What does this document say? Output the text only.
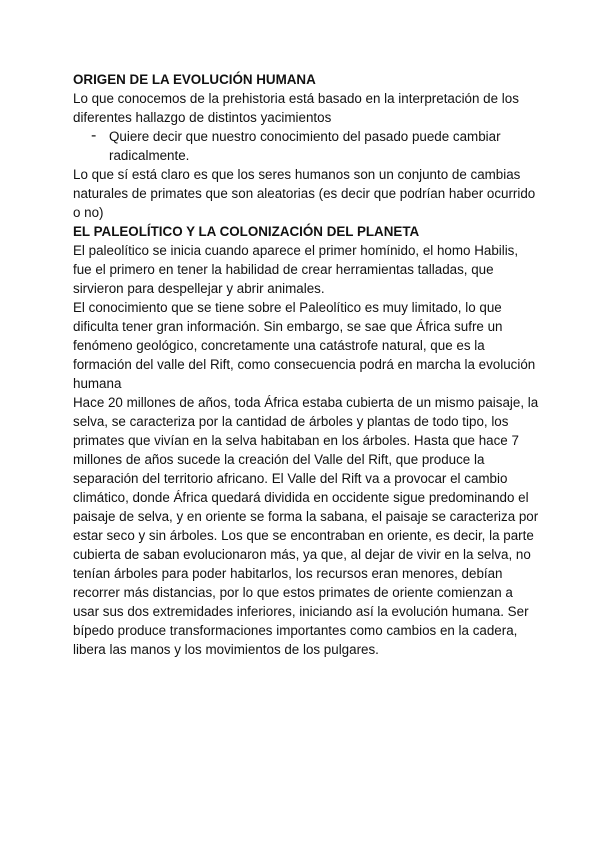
ORIGEN DE LA EVOLUCIÓN HUMANA

Lo que conocemos de la prehistoria está basado en la interpretación de los diferentes hallazgo de distintos yacimientos

- Quiere decir que nuestro conocimiento del pasado puede cambiar radicalmente.

Lo que sí está claro es que los seres humanos son un conjunto de cambias naturales de primates que son aleatorias (es decir que podrían haber ocurrido o no)

EL PALEOLÍTICO Y LA COLONIZACIÓN DEL PLANETA

El paleolítico se inicia cuando aparece el primer homínido, el homo Habilis, fue el primero en tener la habilidad de crear herramientas talladas, que sirvieron para despellejar y abrir animales.

El conocimiento que se tiene sobre el Paleolítico es muy limitado, lo que dificulta tener gran información. Sin embargo, se sae que África sufre un fenómeno geológico, concretamente una catástrofe natural, que es la formación del valle del Rift, como consecuencia podrá en marcha la evolución humana

Hace 20 millones de años, toda África estaba cubierta de un mismo paisaje, la selva, se caracteriza por la cantidad de árboles y plantas de todo tipo, los primates que vivían en la selva habitaban en los árboles. Hasta que hace 7 millones de años sucede la creación del Valle del Rift, que produce la separación del territorio africano. El Valle del Rift va a provocar el cambio climático, donde África quedará dividida en occidente sigue predominando el paisaje de selva, y en oriente se forma la sabana, el paisaje se caracteriza por estar seco y sin árboles. Los que se encontraban en oriente, es decir, la parte cubierta de saban evolucionaron más, ya que, al dejar de vivir en la selva, no tenían árboles para poder habitarlos, los recursos eran menores, debían recorrer más distancias, por lo que estos primates de oriente comienzan a usar sus dos extremidades inferiores, iniciando así la evolución humana. Ser bípedo produce transformaciones importantes como cambios en la cadera, libera las manos y los movimientos de los pulgares.
